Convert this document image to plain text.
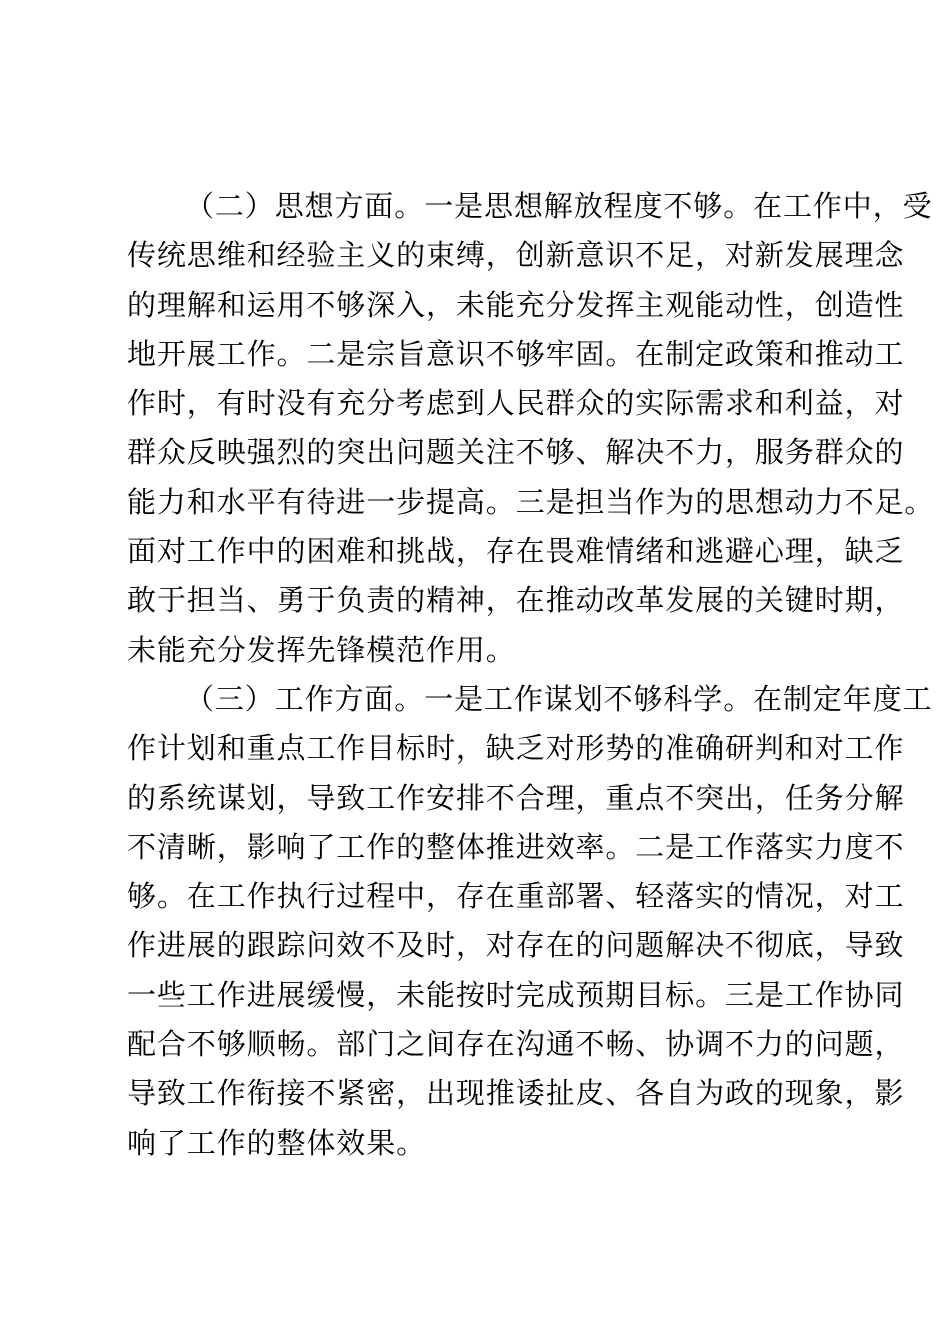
（二）思想方面。一是思想解放程度不够。在工作中，受
传统思维和经验主义的束缚，创新意识不足，对新发展理念
的理解和运用不够深入，未能充分发挥主观能动性，创造性
地开展工作。二是宗旨意识不够牢固。在制定政策和推动工
作时，有时没有充分考虑到人民群众的实际需求和利益，对
群众反映强烈的突出问题关注不够、解决不力，服务群众的
能力和水平有待进一步提高。三是担当作为的思想动力不足。
面对工作中的困难和挑战，存在畏难情绪和逃避心理，缺乏
敢于担当、勇于负责的精神，在推动改革发展的关键时期，
未能充分发挥先锋模范作用。
（三）工作方面。一是工作谋划不够科学。在制定年度工
作计划和重点工作目标时，缺乏对形势的准确研判和对工作
的系统谋划，导致工作安排不合理，重点不突出，任务分解
不清晰，影响了工作的整体推进效率。二是工作落实力度不
够。在工作执行过程中，存在重部署、轻落实的情况，对工
作进展的跟踪问效不及时，对存在的问题解决不彻底，导致
一些工作进展缓慢，未能按时完成预期目标。三是工作协同
配合不够顺畅。部门之间存在沟通不畅、协调不力的问题，
导致工作衔接不紧密，出现推诿扯皮、各自为政的现象，影
响了工作的整体效果。
